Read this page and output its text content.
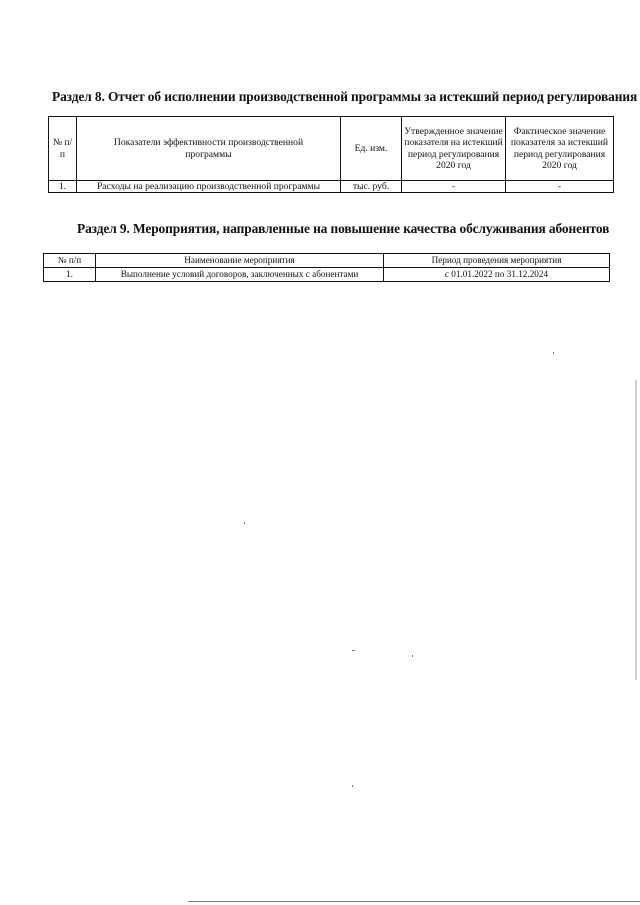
Раздел 8. Отчет об исполнении производственной программы за истекший период регулирования
№ п/п	Показатели эффективности производственной программы	Ед. изм.	Утвержденное значение показателя на истекший период регулирования 2020 год	Фактическое значение показателя за истекший период регулирования 2020 год
1.	Расходы на реализацию производственной программы	тыс. руб.	-	-
Раздел 9. Мероприятия, направленные на повышение качества обслуживания абонентов
№ п/п	Наименование мероприятия	Период проведения мероприятия
1.	Выполнение условий договоров, заключенных с абонентами	с 01.01.2022 по 31.12.2024
